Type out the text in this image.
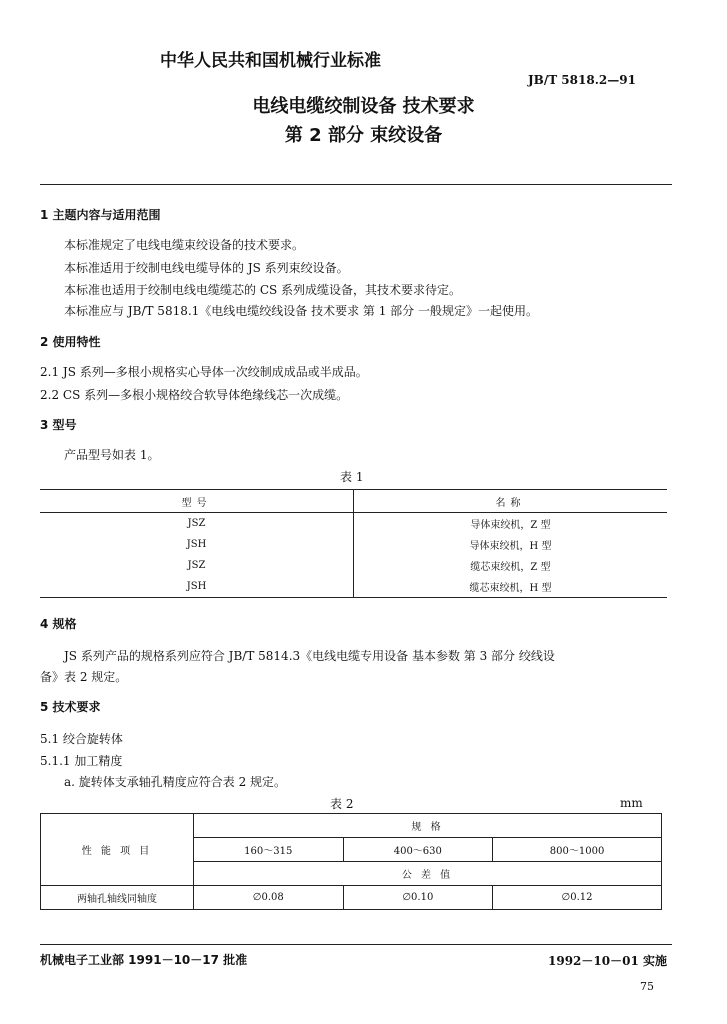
中华人民共和国机械行业标准
JB/T 5818.2—91
电线电缆绞制设备 技术要求
第 2 部分 束绞设备
1 主题内容与适用范围
本标准规定了电线电缆束绞设备的技术要求。
本标准适用于绞制电线电缆导体的 JS 系列束绞设备。
本标准也适用于绞制电线电缆缆芯的 CS 系列成缆设备，其技术要求待定。
本标准应与 JB/T 5818.1《电线电缆绞线设备 技术要求 第 1 部分 一般规定》一起使用。
2 使用特性
2.1 JS 系列—多根小规格实心导体一次绞制成成品或半成品。
2.2 CS 系列—多根小规格绞合软导体绝缘线芯一次成缆。
3 型号
产品型号如表 1。
表 1
型号	名称
JSZ	导体束绞机，Z 型
JSH	导体束绞机，H 型
JSZ	缆芯束绞机，Z 型
JSH	缆芯束绞机，H 型
4 规格
JS 系列产品的规格系列应符合 JB/T 5814.3《电线电缆专用设备 基本参数 第 3 部分 绞线设
备》表 2 规定。
5 技术要求
5.1 绞合旋转体
5.1.1 加工精度
a. 旋转体支承轴孔精度应符合表 2 规定。
表 2	mm
性 能 项 目	规 格		
	160～315	400～630	800～1000
	公 差 值		
两轴孔轴线同轴度	∅0.08	∅0.10	∅0.12
机械电子工业部 1991－10－17 批准	1992－10－01 实施
75
